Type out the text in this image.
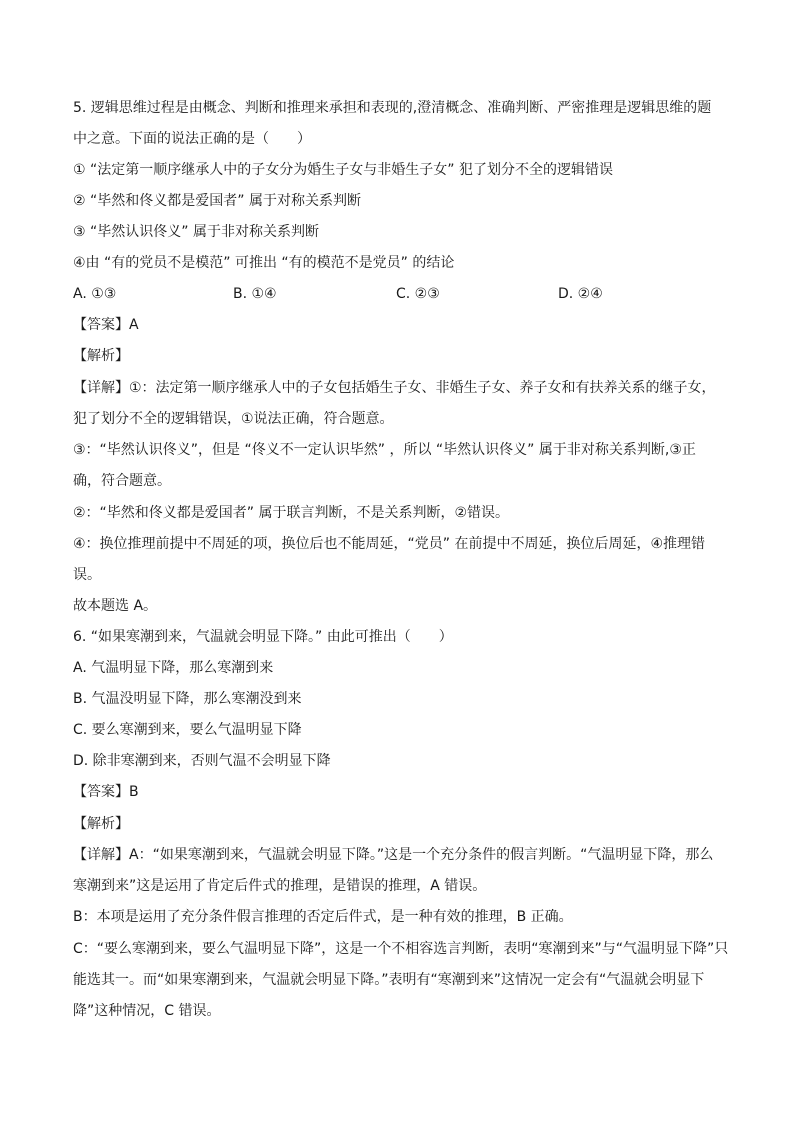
5. 逻辑思维过程是由概念、判断和推理来承担和表现的,澄清概念、准确判断、严密推理是逻辑思维的题
中之意。下面的说法正确的是（　　）
① “法定第一顺序继承人中的子女分为婚生子女与非婚生子女” 犯了划分不全的逻辑错误
② “毕然和佟义都是爱国者” 属于对称关系判断
③ “毕然认识佟义” 属于非对称关系判断
④由 “有的党员不是模范” 可推出 “有的模范不是党员” 的结论
A. ①③	B. ①④	C. ②③	D. ②④
【答案】A
【解析】
【详解】①：法定第一顺序继承人中的子女包括婚生子女、非婚生子女、养子女和有扶养关系的继子女，
犯了划分不全的逻辑错误，①说法正确，符合题意。
③：“毕然认识佟义”，但是 “佟义不一定认识毕然” ，所以 “毕然认识佟义” 属于非对称关系判断,③正
确，符合题意。
②：“毕然和佟义都是爱国者” 属于联言判断，不是关系判断，②错误。
④：换位推理前提中不周延的项，换位后也不能周延，“党员” 在前提中不周延，换位后周延，④推理错
误。
故本题选 A。
6. “如果寒潮到来，气温就会明显下降。” 由此可推出（　　）
A. 气温明显下降，那么寒潮到来
B. 气温没明显下降，那么寒潮没到来
C. 要么寒潮到来，要么气温明显下降
D. 除非寒潮到来，否则气温不会明显下降
【答案】B
【解析】
【详解】A：“如果寒潮到来，气温就会明显下降。”这是一个充分条件的假言判断。“气温明显下降，那么
寒潮到来”这是运用了肯定后件式的推理，是错误的推理，A 错误。
B：本项是运用了充分条件假言推理的否定后件式，是一种有效的推理，B 正确。
C：“要么寒潮到来，要么气温明显下降”，这是一个不相容选言判断，表明“寒潮到来”与“气温明显下降”只
能选其一。而“如果寒潮到来，气温就会明显下降。”表明有“寒潮到来”这情况一定会有“气温就会明显下
降”这种情况，C 错误。
